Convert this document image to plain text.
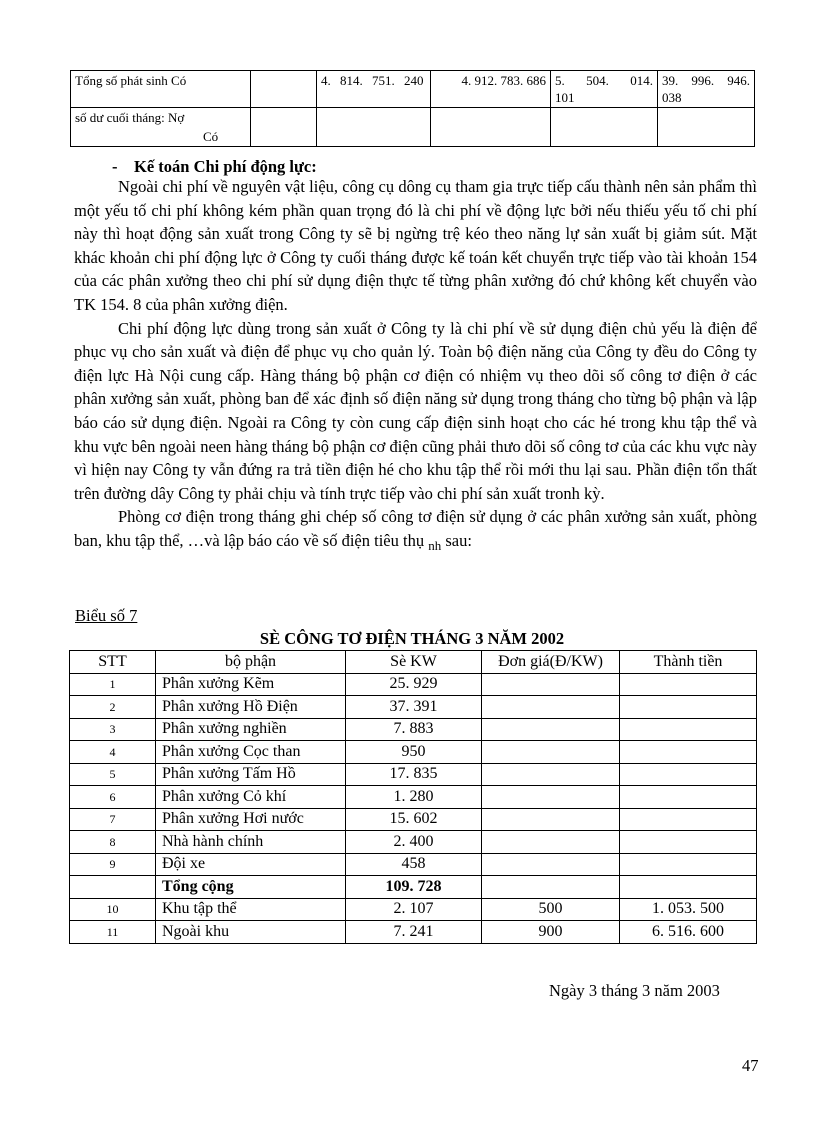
Tổng số phát sinh Có		4. 814. 751. 240	4. 912. 783. 686	5. 504. 014. 101	39. 996. 946. 038
số dư cuối tháng: Nợ					
Có					
- Kế toán Chi phí động lực:

Ngoài chi phí về nguyên vật liệu, công cụ dông cụ tham gia trực tiếp cấu thành nên sản phẩm thì một yếu tố chi phí không kém phần quan trọng đó là chi phí về động lực bởi nếu thiếu yếu tố chi phí này thì hoạt động sản xuất trong Công ty sẽ bị ngừng trệ kéo theo năng lự sản xuất bị giảm sút. Mặt khác khoản chi phí động lực ở Công ty cuối tháng được kế toán kết chuyển trực tiếp vào tài khoản 154 của các phân xưởng theo chi phí sử dụng điện thực tế từng phân xưởng đó chứ không kết chuyển vào TK 154. 8 của phân xưởng điện.

Chi phí động lực dùng trong sản xuất ở Công ty là chi phí về sử dụng điện chủ yếu là điện để phục vụ cho sản xuất và điện để phục vụ cho quản lý. Toàn bộ điện năng của Công ty đều do Công ty điện lực Hà Nội cung cấp. Hàng tháng bộ phận cơ điện có nhiệm vụ theo dõi số công tơ điện ở các phân xưởng sản xuất, phòng ban để xác định số điện năng sử dụng trong tháng cho từng bộ phận và lập báo cáo sử dụng điện. Ngoài ra Công ty còn cung cấp điện sinh hoạt cho các hé trong khu tập thể và khu vực bên ngoài neen hàng tháng bộ phận cơ điện cũng phải thưo dõi số công tơ của các khu vực này vì hiện nay Công ty vẫn đứng ra trả tiền điện hé cho khu tập thể rồi mới thu lại sau. Phần điện tổn thất trên đường dây Công ty phải chịu và tính trực tiếp vào chi phí sản xuất tronh kỳ.

Phòng cơ điện trong tháng ghi chép số công tơ điện sử dụng ở các phân xưởng sản xuất, phòng ban, khu tập thể, …và lập báo cáo về số điện tiêu thụ $_{nh}$ sau:

Biểu số 7
SÈ CÔNG TƠ ĐIỆN THÁNG 3 NĂM 2002
STT	bộ phận	Sè KW	Đơn giá(Đ/KW)	Thành tiền
1	Phân xưởng Kẽm	25. 929		
2	Phân xưởng Hồ Điện	37. 391		
3	Phân xưởng nghiền	7. 883		
4	Phân xưởng Cọc than	950		
5	Phân xưởng Tấm Hồ	17. 835		
6	Phân xưởng Cỏ khí	1. 280		
7	Phân xưởng Hơi nước	15. 602		
8	Nhà hành chính	2. 400		
9	Đội xe	458		
	Tổng cộng	109. 728		
10	Khu tập thể	2. 107	500	1. 053. 500
11	Ngoài khu	7. 241	900	6. 516. 600
Ngày 3 tháng 3 năm 2003
47
